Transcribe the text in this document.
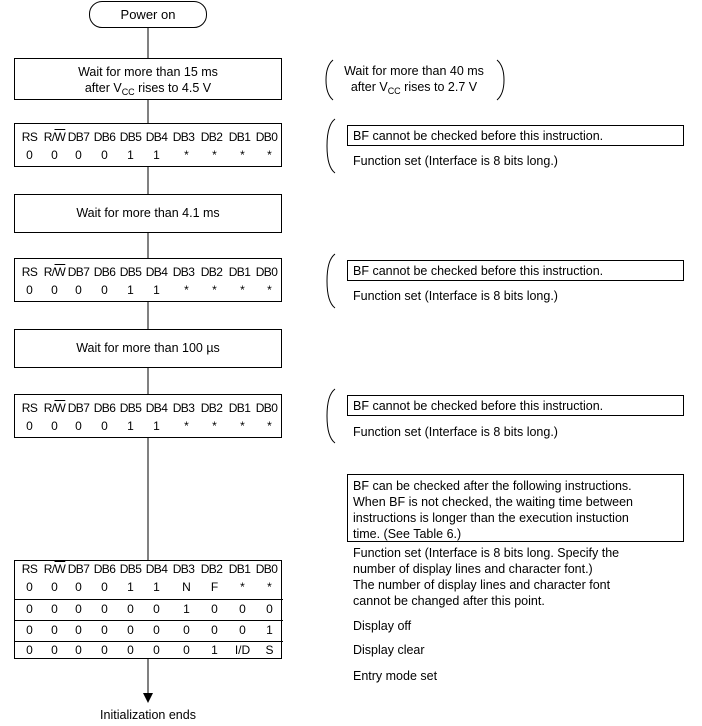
Power on
Wait for more than 15 ms
after $V_{CC}$ rises to 4.5 V
Wait for more than 40 ms
after $V_{CC}$ rises to 2.7 V
RS $R/\overline{W}$ DB7 DB6 DB5 DB4 DB3 DB2 DB1 DB0
0	0	0	0	1	1	*	*	*	*
BF cannot be checked before this instruction.
Function set (Interface is 8 bits long.)
Wait for more than 4.1 ms
RS $R/\overline{W}$ DB7 DB6 DB5 DB4 DB3 DB2 DB1 DB0
0	0	0	0	1	1	*	*	*	*
BF cannot be checked before this instruction.
Function set (Interface is 8 bits long.)
Wait for more than 100 µs
RS $R/\overline{W}$ DB7 DB6 DB5 DB4 DB3 DB2 DB1 DB0
0	0	0	0	1	1	*	*	*	*
BF cannot be checked before this instruction.
Function set (Interface is 8 bits long.)
BF can be checked after the following instructions.
When BF is not checked, the waiting time between
instructions is longer than the execution instuction
time. (See Table 6.)
RS $R/\overline{W}$ DB7 DB6 DB5 DB4 DB3 DB2 DB1 DB0
0	0	0	0	1	1	N	F	*	*
0	0	0	0	0	0	1	0	0	0
0	0	0	0	0	0	0	0	0	1
0	0	0	0	0	0	0	1	I/D	S
Function set (Interface is 8 bits long. Specify the
number of display lines and character font.)
The number of display lines and character font
cannot be changed after this point.
Display off
Display clear
Entry mode set
Initialization ends
